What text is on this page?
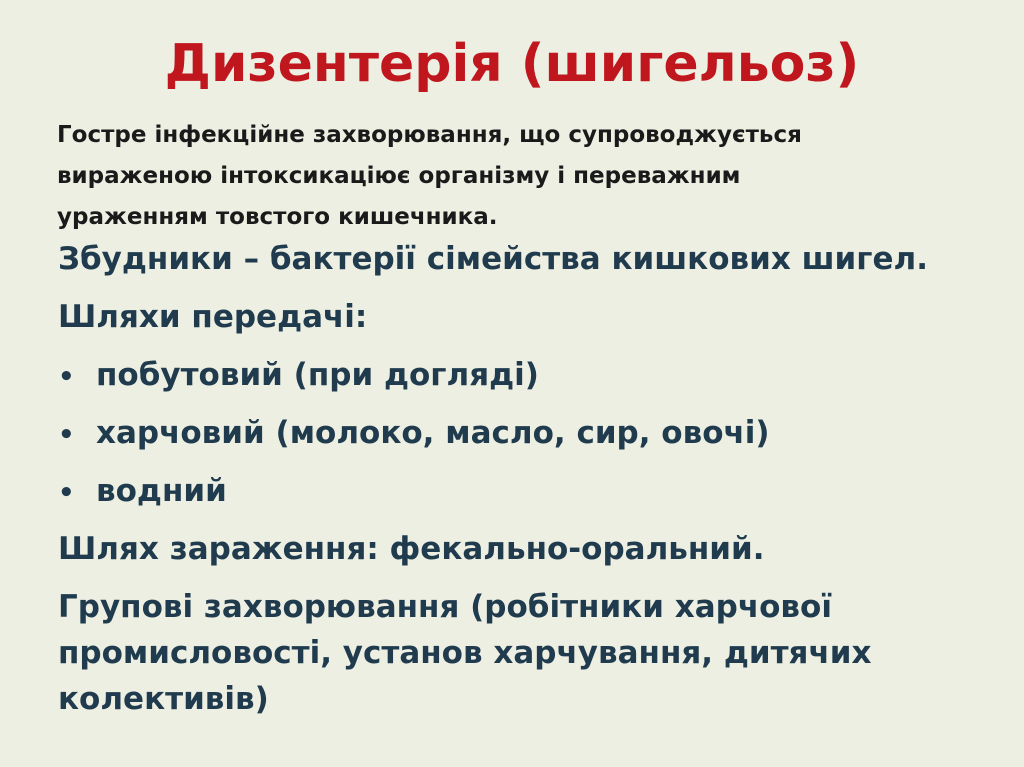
Дизентерія (шигельоз)
Гостре інфекційне захворювання, що супроводжується
вираженою інтоксикаціює організму і переважним
ураженням товстого кишечника.
Збудники – бактерії сімейства кишкових шигел.
Шляхи передачі:
• побутовий (при догляді)
• харчовий (молоко, масло, сир, овочі)
• водний
Шлях зараження: фекально-оральний.
Групові захворювання (робітники харчової
промисловості, установ харчування, дитячих
колективів)
